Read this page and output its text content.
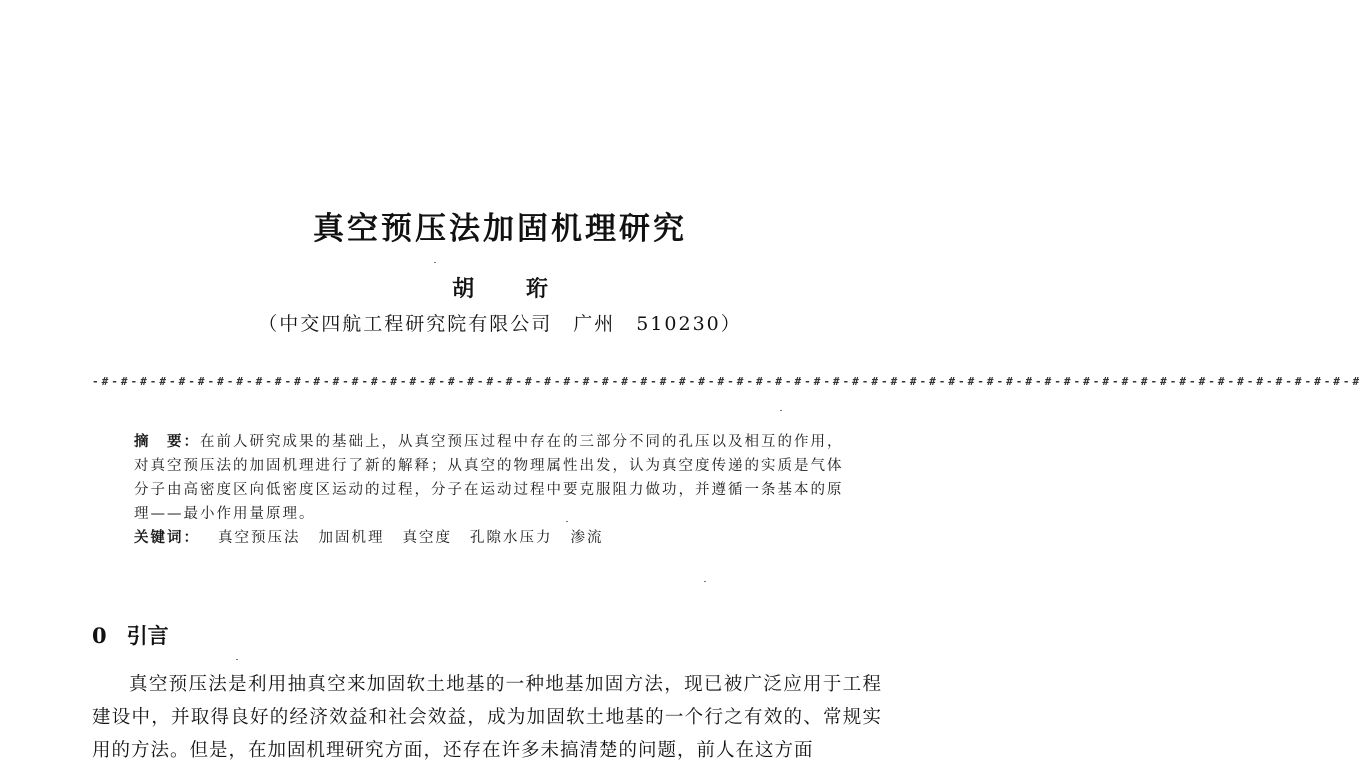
真空预压法加固机理研究
胡 珩
（中交四航工程研究院有限公司　广州　510230）
-#-#-#-#-#-#-#-#-#-#-#-#-#-#-#-#-#-#-#-#-#-#-#-#-#-#-#-#-#-#-#-#-#-#-#-#-#-#-#-#-#-#-#-#-#-#-#-#-#-#-#-#-#-#-#-#-#-#-#-#-#-#-#-#-#-#

摘　要：在前人研究成果的基础上，从真空预压过程中存在的三部分不同的孔压以及相互的作用，对真空预压法的加固机理进行了新的解释；从真空的物理属性出发，认为真空度传递的实质是气体分子由高密度区向低密度区运动的过程，分子在运动过程中要克服阻力做功，并遵循一条基本的原理——最小作用量原理。

关键词： 真空预压法 加固机理 真空度 孔隙水压力 渗流

0 引言

真空预压法是利用抽真空来加固软土地基的一种地基加固方法，现已被广泛应用于工程建设中，并取得良好的经济效益和社会效益，成为加固软土地基的一个行之有效的、常规实用的方法。但是，在加固机理研究方面，还存在许多未搞清楚的问题，前人在这方面
